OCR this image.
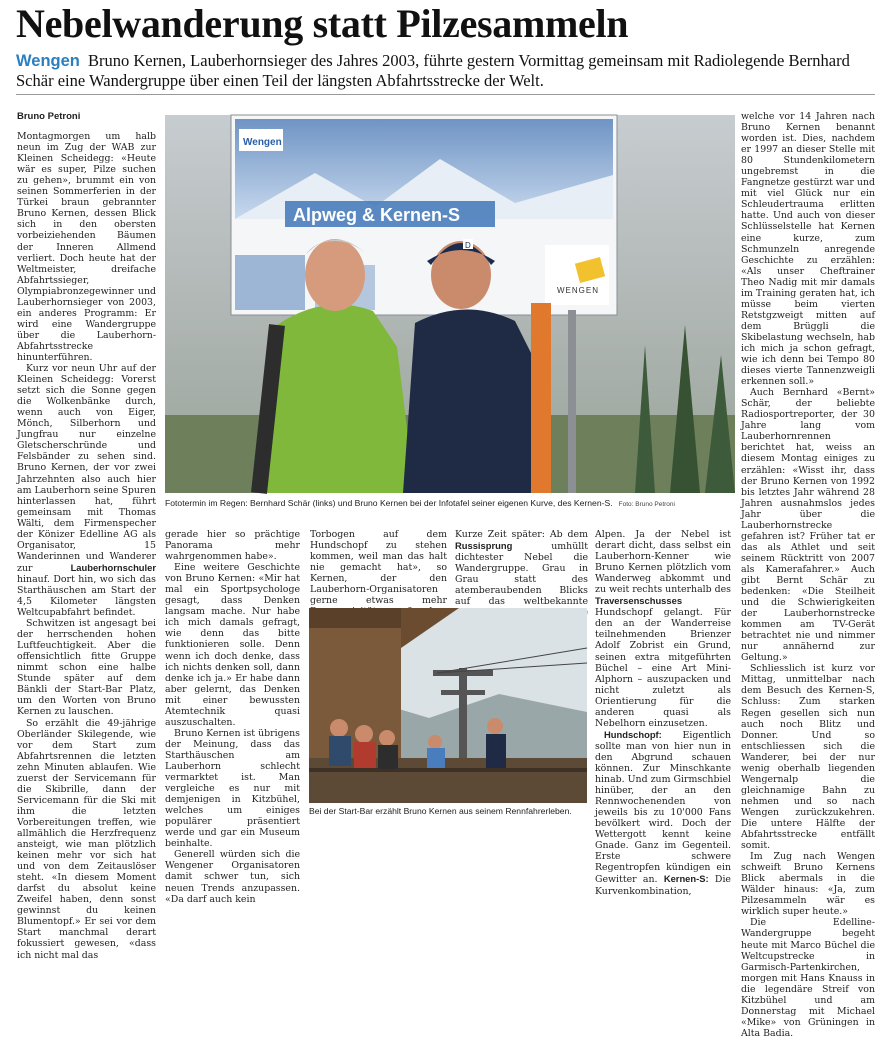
Nebelwanderung statt Pilzesammeln

Wengen Bruno Kernen, Lauberhornsieger des Jahres 2003, führte gestern Vormittag gemeinsam mit Radiolegende Bernhard Schär eine Wandergruppe über einen Teil der längsten Abfahrtsstrecke der Welt.

Bruno Petroni

Montagmorgen um halb neun im Zug der WAB zur Kleinen Scheidegg: «Heute wär es super, Pilze suchen zu gehen», brummt ein von seinen Sommerferien in der Türkei braun gebrannter Bruno Kernen, dessen Blick sich in den obersten vorbeiziehenden Bäumen der Inneren Allmend verliert. Doch heute hat der Weltmeister, dreifache Abfahrtssieger, Olympiabronzegewinner und Lauberhornsieger von 2003, ein anderes Programm: Er wird eine Wandergruppe über die Lauberhorn-Abfahrtsstrecke hinunterführen.

Kurz vor neun Uhr auf der Kleinen Scheidegg: Vorerst setzt sich die Sonne gegen die Wolkenbänke durch, wenn auch von Eiger, Mönch, Silberhorn und Jungfrau nur einzelne Gletscherschründe und Felsbänder zu sehen sind. Bruno Kernen, der vor zwei Jahrzehnten also auch hier am Lauberhorn seine Spuren hinterlassen hat, führt gemeinsam mit Thomas Wälti, dem Firmenspecher der Könizer Edelline AG als Organisator, 15 Wanderinnen und Wanderer zur	Lauberhornschuler hinauf. Dort hin, wo sich das Starthäuschen am Start der 4,5 Kilometer längsten Weltcupabfahrt befindet.

Schwitzen ist angesagt bei der herrschenden hohen Luftfeuchtigkeit. Aber die offensichtlich fitte Gruppe nimmt schon eine halbe Stunde später auf dem Bänkli der Start-Bar Platz, um den Worten von Bruno Kernen zu lauschen.

So erzählt die 49-jährige Oberländer Skilegende, wie vor dem Start zum Abfahrtsrennen die letzten zehn Minuten ablaufen. Wie zuerst der Servicemann für die Skibrille, dann der Servicemann für die Ski mit ihm die letzten Vorbereitungen treffen, wie allmählich die Herzfrequenz ansteigt, wie man plötzlich keinen mehr vor sich hat und von dem Zeitauslöser steht. «In diesem Moment darfst du absolut keine Zweifel haben, denn sonst gewinnst du keinen Blumentopf.» Er sei vor dem Start manchmal derart fokussiert gewesen, «dass ich nicht mal das

Wengen
Alpweg & Kernen-S
WENGEN
D
Fototermin im Regen: Bernhard Schär (links) und Bruno Kernen bei der Infotafel seiner eigenen Kurve, des Kernen-S. Foto: Bruno Petroni

gerade hier so prächtige Panorama mehr wahrgenommen habe».

Eine weitere Geschichte von Bruno Kernen: «Mir hat mal ein Sportpsychologe gesagt, dass Denken langsam mache. Nur habe ich mich damals gefragt, wie denn das bitte funktionieren solle. Denn wenn ich doch denke, dass ich nichts denken soll, dann denke ich ja.» Er habe dann aber gelernt, das Denken mit einer bewussten Atemtechnik quasi auszuschalten.

Bruno Kernen ist übrigens der Meinung, dass das Starthäuschen am Lauberhorn schlecht vermarktet ist. Man vergleiche es nur mit demjenigen in Kitzbühel, welches um einiges populärer präsentiert werde und gar ein Museum beinhalte.

Generell würden sich die Wengener Organisatoren damit schwer tun, sich neuen Trends anzupassen. «Da darf auch kein

Torbogen auf dem Hundschopf zu stehen kommen, weil man das halt nie gemacht hat», so Kernen, der den Lauberhorn-Organisatoren gerne etwas mehr

Kurze Zeit später: Ab dem Russisprung	umhüllt dichtester Nebel die Wandergruppe. Grau in Grau statt des atemberaubenden Blicks auf das weltbekannte

Bei der Start-Bar erzählt Bruno Kernen aus seinem Rennfahrerleben.

Alpen. Ja der Nebel ist derart dicht, dass selbst ein Lauberhorn-Kenner wie Bruno Kernen plötzlich vom Wanderweg abkommt und zu weit rechts unterhalb des Traversenschusses Hundschopf gelangt. Für den an der Wanderreise teilnehmenden Brienzer Adolf Zobrist ein Grund, seinen extra mitgeführten Büchel – eine Art Mini-Alphorn – auszupacken und nicht zuletzt als Orientierung für die anderen quasi als Nebelhorn einzusetzen.

Hundschopf: Eigentlich sollte man von hier nun in den Abgrund schauen können. Zur Minschkante hinab. Und zum Girmschbiel hinüber, der an den Rennwochenenden von jeweils bis zu 10'000 Fans bevölkert wird. Doch der Wettergott kennt keine Gnade. Ganz im Gegenteil. Erste schwere Regentropfen kündigen ein Gewitter an. Kernen-S: Die Kurvenkombination,

welche vor 14 Jahren nach Bruno Kernen benannt worden ist. Dies, nachdem er 1997 an dieser Stelle mit 80 Stundenkilometern ungebremst in die Fangnetze gestürzt war und mit viel Glück nur ein Schleudertrauma erlitten hatte. Und auch von dieser Schlüsselstelle hat Kernen eine kurze, zum Schmunzeln anregende Geschichte zu erzählen: «Als unser Cheftrainer Theo Nadig mit mir damals im Training geraten hat, ich müsse beim vierten Retstgzweigt mitten auf dem Brüggli die Skibelastung wechseln, hab ich mich ja schon gefragt, wie ich denn bei Tempo 80 dieses vierte Tannenzweigli erkennen soll.»

Auch Bernhard «Bernt» Schär, der beliebte Radiosportreporter, der 30 Jahre lang vom Lauberhornrennen berichtet hat, weiss an diesem Montag einiges zu erzählen: «Wisst ihr, dass der Bruno Kernen von 1992 bis letztes Jahr während 28 Jahren ausnahmslos jedes Jahr über die Lauberhornstrecke gefahren ist? Früher tat er das als Athlet und seit seinem Rücktritt von 2007 als Kamerafahrer.» Auch gibt Bernt Schär zu bedenken: «Die Steilheit und die Schwierigkeiten der Lauberhornstrecke kommen am TV-Gerät betrachtet nie und nimmer nur annähernd zur Geltung.»

Schliesslich ist kurz vor Mittag, unmittelbar nach dem Besuch des Kernen-S, Schluss: Zum starken Regen gesellen sich nun auch noch Blitz und Donner. Und so entschliessen sich die Wanderer, bei der nur wenig oberhalb liegenden Wengernalp die gleichnamige Bahn zu nehmen und so nach Wengen zurückzukehren. Die untere Hälfte der Abfahrtsstrecke entfällt somit.

Im Zug nach Wengen schweift Bruno Kernens Blick abermals in die Wälder hinaus: «Ja, zum Pilzesammeln wär es wirklich super heute.»

Die Edelline-Wandergruppe begeht heute mit Marco Büchel die Weltcupstrecke in Garmisch-Partenkirchen, morgen mit Hans Knauss in die legendäre Streif von Kitzbühel und am Donnerstag mit Michael «Mike» von Grüningen in Alta Badia.
